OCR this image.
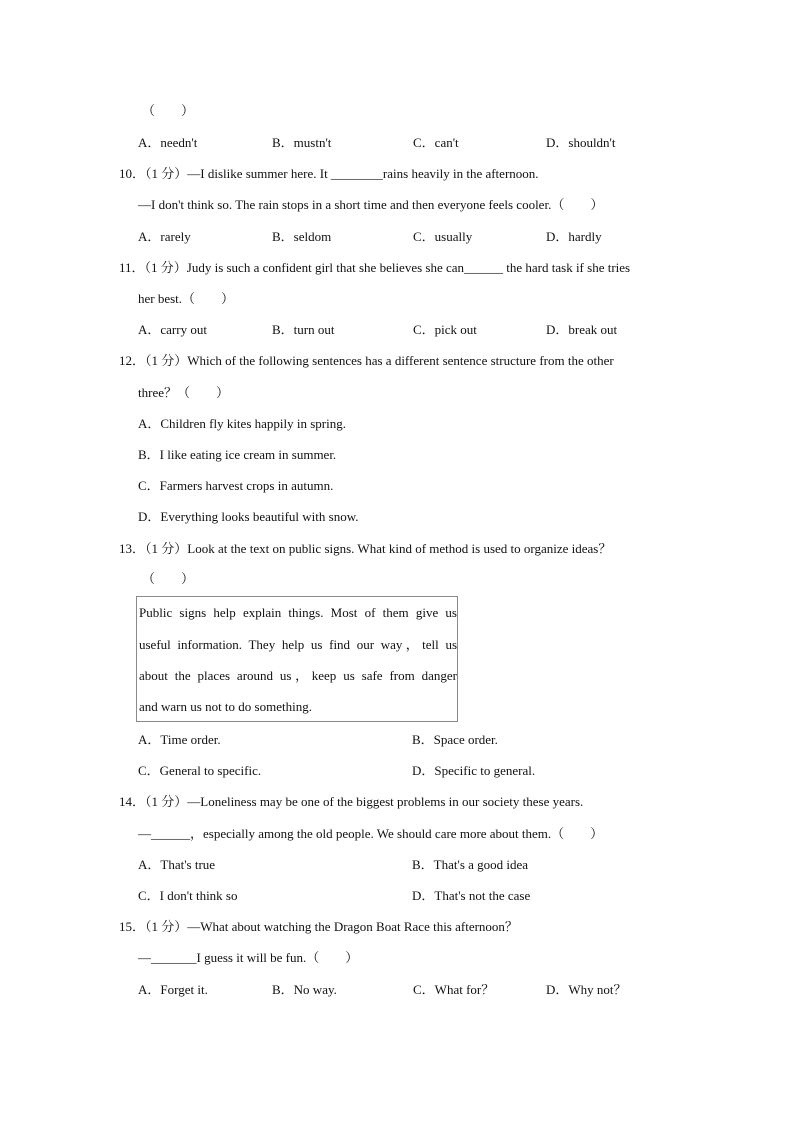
（　　）
A．needn't	B．mustn't	C．can't	D．shouldn't
10．（1 分）—I dislike summer here. It ________rains heavily in the afternoon.
—I don't think so. The rain stops in a short time and then everyone feels cooler.（　　）
A．rarely	B．seldom	C．usually	D．hardly
11．（1 分）Judy is such a confident girl that she believes she can______ the hard task if she tries
her best.（　　）
A．carry out	B．turn out	C．pick out	D．break out
12．（1 分）Which of the following sentences has a different sentence structure from the other
three？（　　）
A．Children fly kites happily in spring.
B．I like eating ice cream in summer.
C．Farmers harvest crops in autumn.
D．Everything looks beautiful with snow.
13．（1 分）Look at the text on public signs. What kind of method is used to organize ideas？
（　　）
Public signs help explain things. Most of them give us
useful information. They help us find our way，tell us
about the places around us，keep us safe from danger
and warn us not to do something.
A．Time order.	B．Space order.
C．General to specific.	D．Specific to general.
14．（1 分）—Loneliness may be one of the biggest problems in our society these years.
—______，especially among the old people. We should care more about them.（　　）
A．That's true	B．That's a good idea
C．I don't think so	D．That's not the case
15．（1 分）—What about watching the Dragon Boat Race this afternoon？
—_______I guess it will be fun.（　　）
A．Forget it.	B．No way.	C．What for？	D．Why not？
